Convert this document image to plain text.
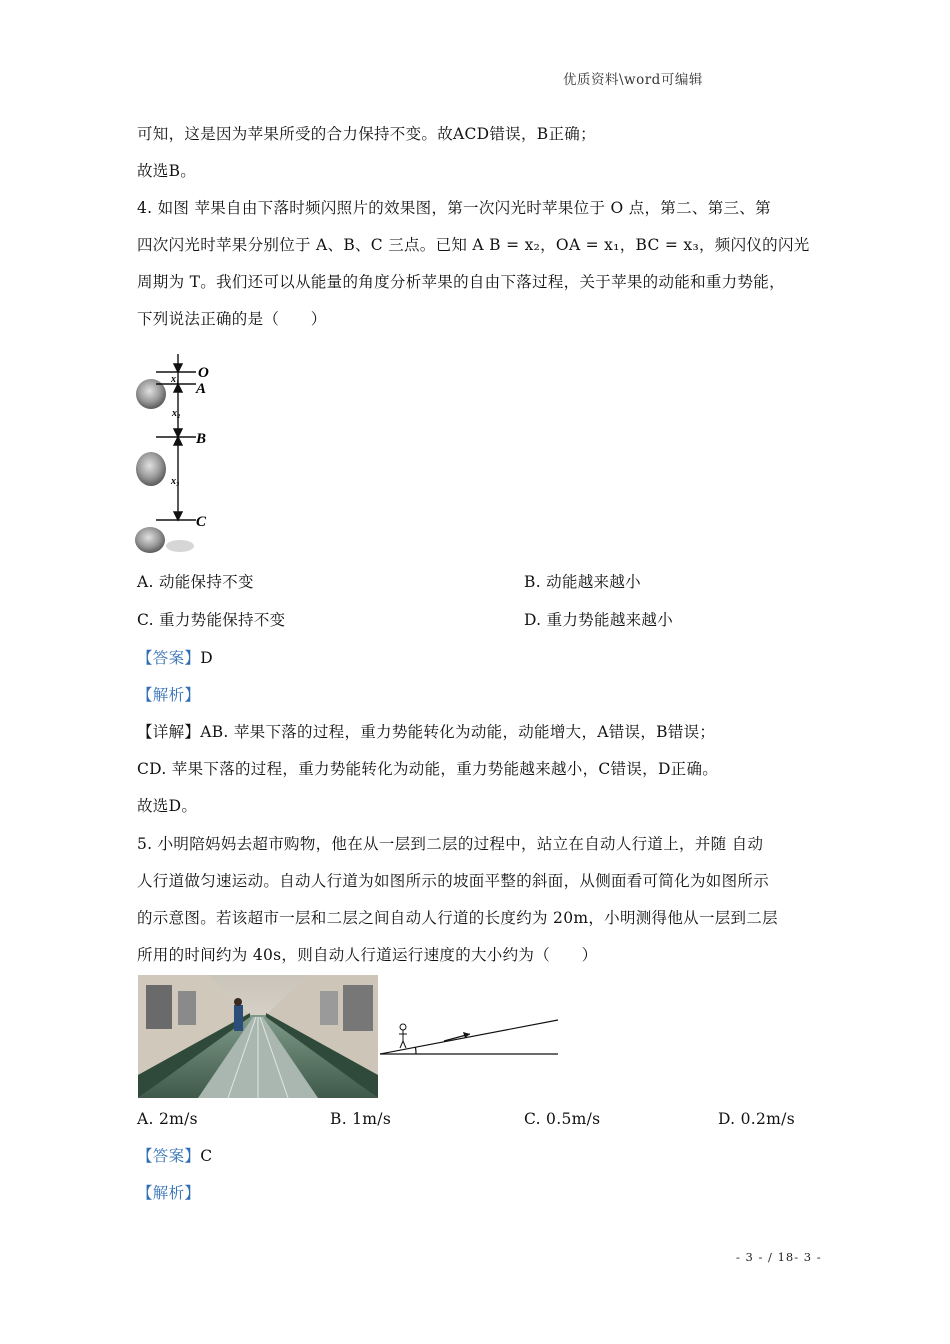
优质资料\word可编辑
可知，这是因为苹果所受的合力保持不变。故ACD错误，B正确；
故选B。
4. 如图 苹果自由下落时频闪照片的效果图，第一次闪光时苹果位于 O 点，第二、第三、第
四次闪光时苹果分别位于 A、B、C 三点。已知 A B = x₂，OA = x₁，BC = x₃，频闪仪的闪光
周期为 T。我们还可以从能量的角度分析苹果的自由下落过程，关于苹果的动能和重力势能，
下列说法正确的是（　　）
O
A
x₁
x₂
B
x₃
C
A. 动能保持不变	B. 动能越来越小
C. 重力势能保持不变	D. 重力势能越来越小
【答案】D
【解析】
【详解】AB. 苹果下落的过程，重力势能转化为动能，动能增大，A错误，B错误；
CD. 苹果下落的过程，重力势能转化为动能，重力势能越来越小，C错误，D正确。
故选D。
5. 小明陪妈妈去超市购物，他在从一层到二层的过程中，站立在自动人行道上，并随 自动
人行道做匀速运动。自动人行道为如图所示的坡面平整的斜面，从侧面看可简化为如图所示
的示意图。若该超市一层和二层之间自动人行道的长度约为 20m，小明测得他从一层到二层
所用的时间约为 40s，则自动人行道运行速度的大小约为（　　）
A. 2m/s	B. 1m/s	C. 0.5m/s	D. 0.2m/s
【答案】C
【解析】
- 3 - / 18- 3 -
